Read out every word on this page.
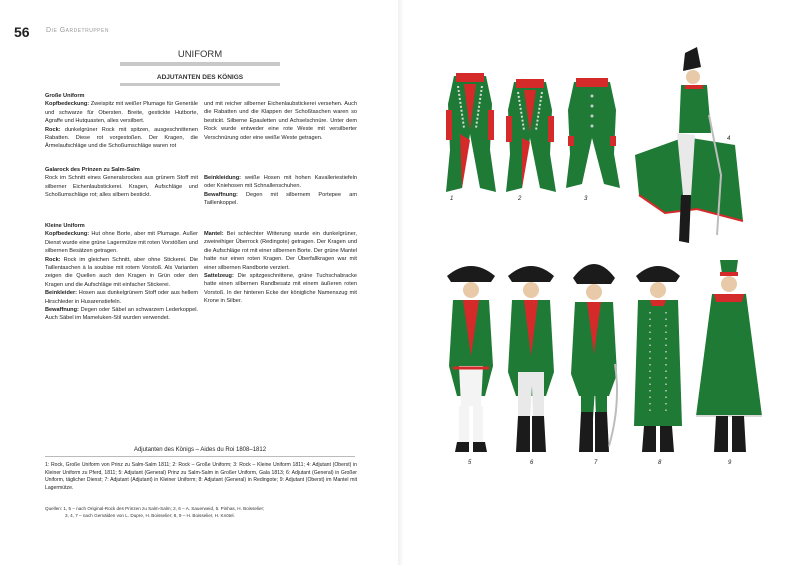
56 Die Gardetruppen
UNIFORM
ADJUTANTEN DES KÖNIGS

Große Uniform

Kopfbedeckung: Zweispitz mit weißer Plumage für Generäle und schwarze für Obersten. Breite, gestickte Hutborte, Agraffe und Hutquasten, alles versilbert.

Rock: dunkelgrüner Rock mit spitzen, ausgeschnittenen Rabatten. Diese rot vorgestoßen. Der Kragen, die Ärmelaufschläge und die Schoßumschläge waren rot

Galarock des Prinzen zu Salm-Salm

Rock im Schnitt eines Generalsrockes aus grünem Stoff mit silberner Eichenlaubstickerei. Kragen, Aufschläge und Schoßumschläge rot; alles silbern bestickt.

Kleine Uniform

Kopfbedeckung: Hut ohne Borte, aber mit Plumage. Außer Dienst wurde eine grüne Lagermütze mit roten Vorstößen und silbernen Besätzen getragen.

Rock: Rock im gleichen Schnitt, aber ohne Stickerei. Die Taillentaschen à la soubise mit rotem Vorstoß. Als Varianten zeigen die Quellen auch den Kragen in Grün oder den Kragen und die Aufschläge mit einfacher Stickerei.

Beinkleider: Hosen aus dunkelgrünem Stoff oder aus hellem Hirschleder in Husarenstiefeln.

Bewaffnung: Degen oder Säbel an schwarzem Lederkoppel. Auch Säbel im Mameluken-Stil wurden verwendet.

und mit reicher silberner Eichenlaubstickerei versehen. Auch die Rabatten und die Klappen der Schoßtaschen waren so bestickt. Silberne Epauletten und Achselschnüre. Unter dem Rock wurde entweder eine rote Weste mit versilberter Verschnürung oder eine weiße Weste getragen.

Beinkleidung: weiße Hosen mit hohen Kavalleriestiefeln oder Kniehosen mit Schnallenschuhen.

Bewaffnung: Degen mit silbernem Portepee am Taillenkoppel.

Mantel: Bei schlechter Witterung wurde ein dunkelgrüner, zweireihiger Überrock (Redingote) getragen. Der Kragen und die Aufschläge rot mit einer silbernen Borte. Der grüne Mantel hatte nur einen roten Kragen. Der Überfallkragen war mit einer silbernen Randborte verziert.

Sattelzeug: Die spitzgeschnittene, grüne Tuchschabracke hatte einen silbernen Randbesatz mit einem äußeren roten Vorstoß. In der hinteren Ecke der königliche Namenszug mit Krone in Silber.

Adjutanten des Königs – Aides du Roi 1808–1812
1: Rock, Große Uniform von Prinz zu Salm-Salm 1811; 2: Rock – Große Uniform; 3: Rock – Kleine Uniform 1811; 4: Adjutant (Oberst) in Kleiner Uniform zu Pferd, 1811; 5: Adjutant (General) Prinz zu Salm-Salm in Großer Uniform, Gala 1813; 6: Adjutant (General) in Großer Uniform, täglicher Dienst; 7: Adjutant (Adjutant) in Kleiner Uniform; 8: Adjutant (General) in Redingote; 9: Adjutant (Oberst) im Mantel mit Lagermütze.
Quellen: 1, 5 – nach Original-Rock des Prinzen zu Salm-Salm; 2, 6 – A. Sauerweid, 5. Pinhas, H. Boisselier;
3, 4, 7 – nach Gemälden von L. Dupre, H. Boisselier; 8, 9 – H. Boisselier, H. Knötel.
1	2	3
4
5	6	7	8	9
